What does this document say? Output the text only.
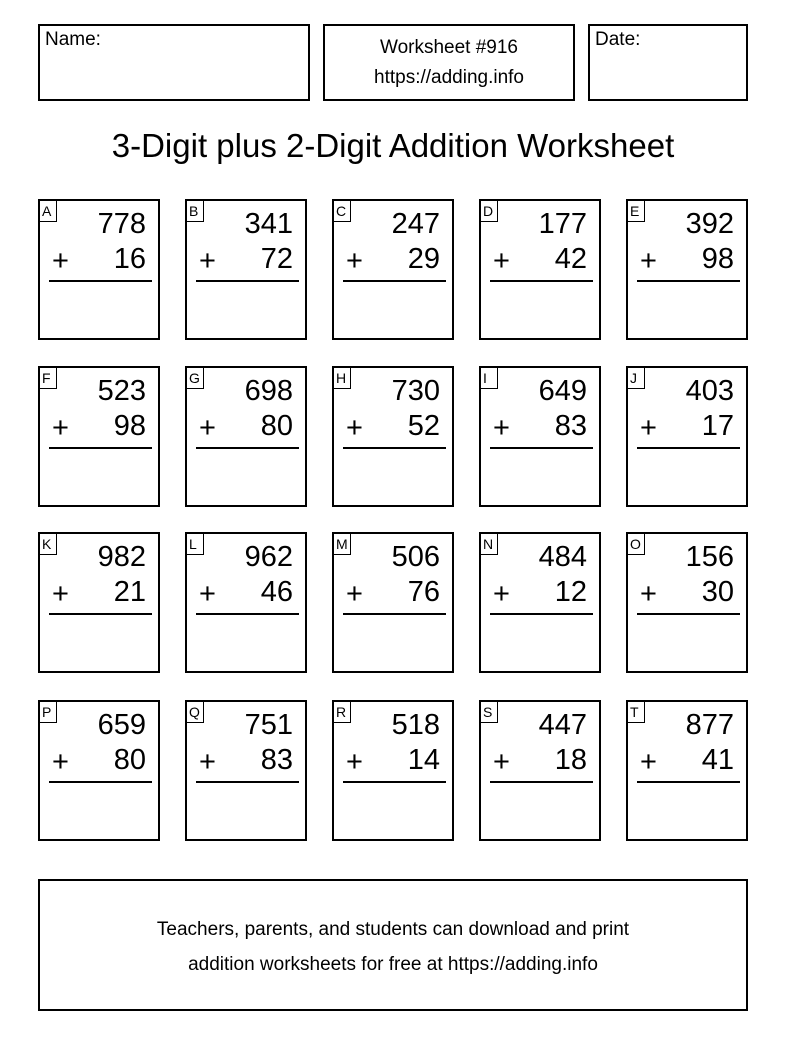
Name:	Worksheet #916
https://adding.info
Date:
3-Digit plus 2-Digit Addition Worksheet
A 778
+ 16
B 341
+ 72
C 247
+ 29
D 177
+ 42
E 392
+ 98
F 523
+ 98
G 698
+ 80
H 730
+ 52
I	649
+ 83
J 403
+ 17
K 982
+ 21
L 962
+ 46
M 506
+ 76
N 484
+ 12
O 156
+ 30
P 659
+ 80
Q 751
+ 83
R 518
+ 14
S 447
+ 18
T 877
+ 41
Teachers, parents, and students can download and print
addition worksheets for free at https://adding.info
